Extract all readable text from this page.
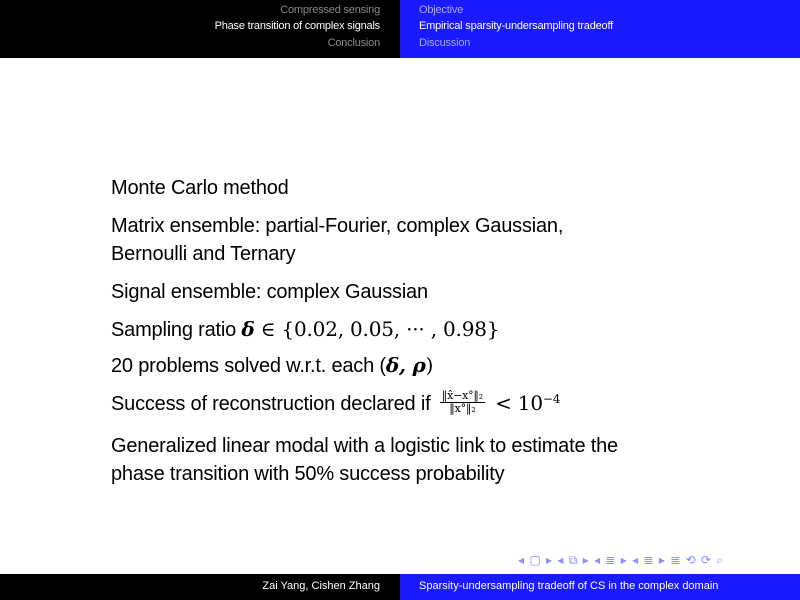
Compressed sensing
Phase transition of complex signals
Conclusion
Objective
Empirical sparsity-undersampling tradeoff
Discussion

Monte Carlo method

Matrix ensemble: partial-Fourier, complex Gaussian,

Bernoulli and Ternary

Signal ensemble: complex Gaussian

Sampling ratio δ ∈ {0.02, 0.05, ··· , 0.98}

20 problems solved w.r.t. each (δ, ρ)

Success of reconstruction declared if $\frac{\text{‖x̂−x°‖₂}}{\text{‖x°‖₂}} < 10^{-4}$

Generalized linear modal with a logistic link to estimate the

phase transition with 50% success probability

◂ ▢ ▸ ◂ ⧉ ▸ ◂ ≣ ▸ ◂ ≣ ▸ ≣ ⟲ ⟳ ⌕
Zai Yang, Cishen Zhang	Sparsity-undersampling tradeoff of CS in the complex domain
